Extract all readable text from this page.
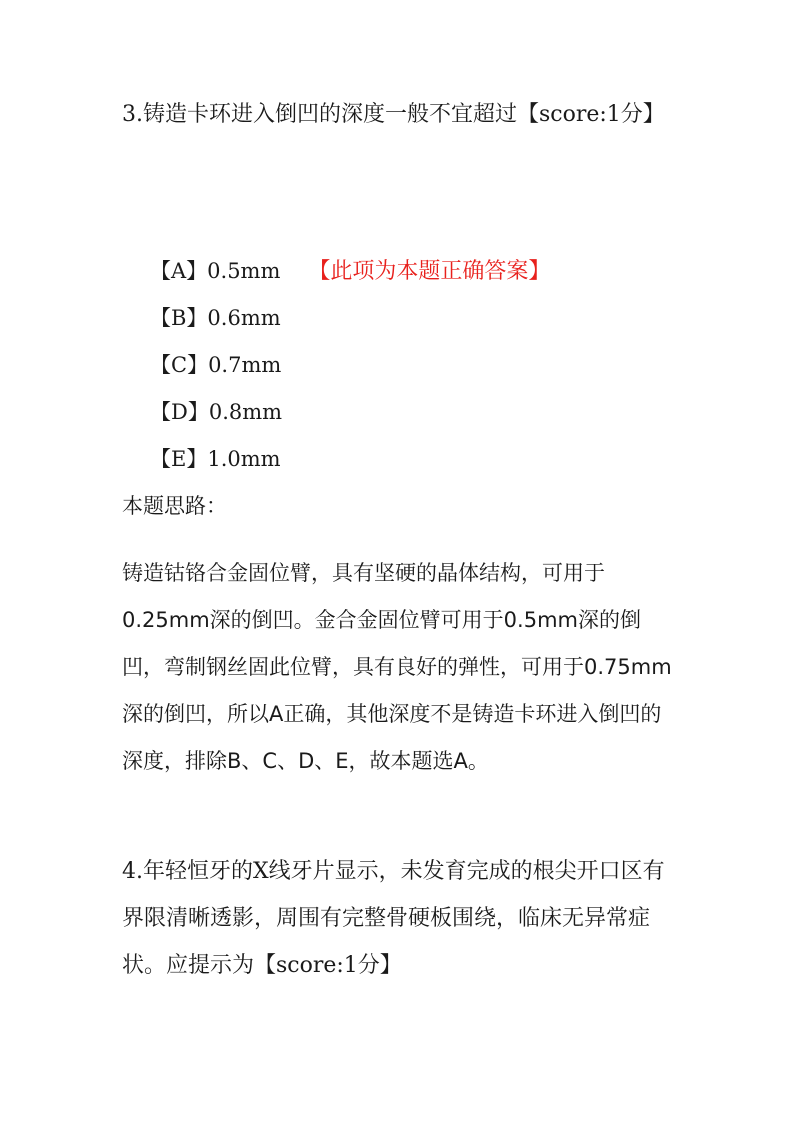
3.铸造卡环进入倒凹的深度一般不宜超过【score:1分】

【A】0.5mm 【此项为本题正确答案】
【B】0.6mm
【C】0.7mm
【D】0.8mm
【E】1.0mm

本题思路：

铸造钴铬合金固位臂，具有坚硬的晶体结构，可用于0.25mm深的倒凹。金合金固位臂可用于0.5mm深的倒凹，弯制钢丝固此位臂，具有良好的弹性，可用于0.75mm深的倒凹，所以A正确，其他深度不是铸造卡环进入倒凹的深度，排除B、C、D、E，故本题选A。

4.年轻恒牙的X线牙片显示，未发育完成的根尖开口区有界限清晰透影，周围有完整骨硬板围绕，临床无异常症状。应提示为【score:1分】
